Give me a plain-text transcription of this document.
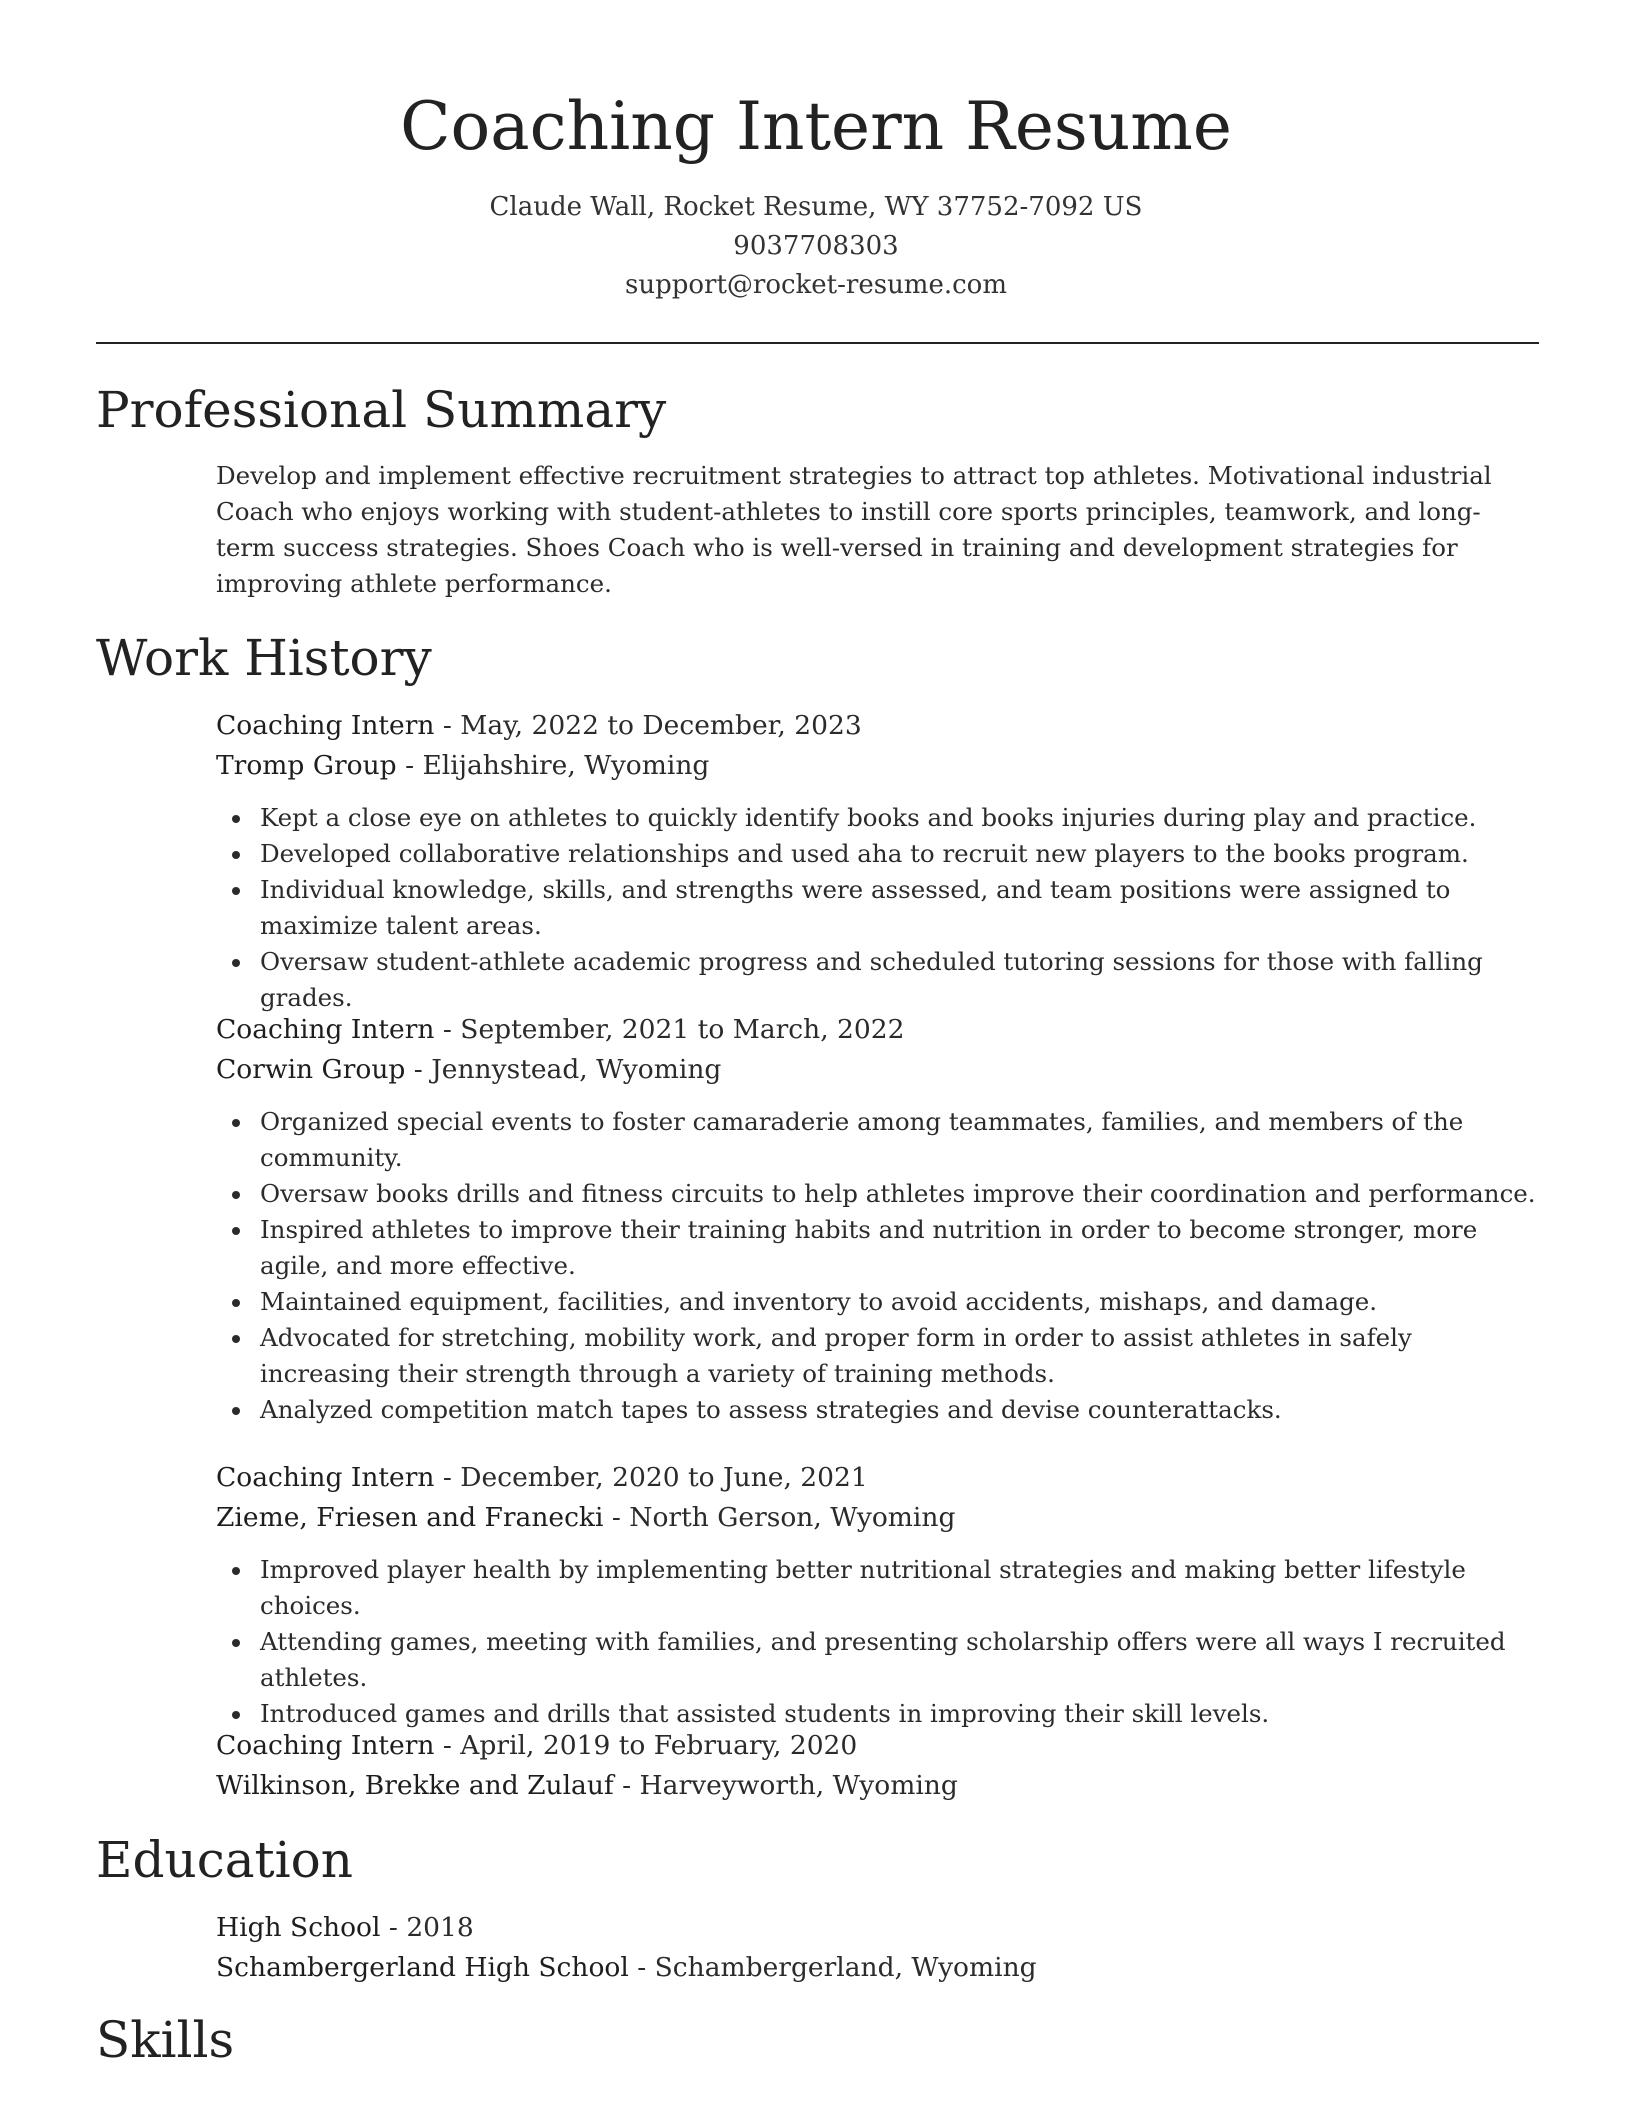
Coaching Intern Resume
Claude Wall, Rocket Resume, WY 37752-7092 US
9037708303
support@rocket-resume.com
Professional Summary
Develop and implement effective recruitment strategies to attract top athletes. Motivational industrial Coach who enjoys working with student-athletes to instill core sports principles, teamwork, and long-term success strategies. Shoes Coach who is well-versed in training and development strategies for improving athlete performance.
Work History
Coaching Intern - May, 2022 to December, 2023
Tromp Group - Elijahshire, Wyoming
Kept a close eye on athletes to quickly identify books and books injuries during play and practice.
Developed collaborative relationships and used aha to recruit new players to the books program.
Individual knowledge, skills, and strengths were assessed, and team positions were assigned to maximize talent areas.
Oversaw student-athlete academic progress and scheduled tutoring sessions for those with falling grades.
Coaching Intern - September, 2021 to March, 2022
Corwin Group - Jennystead, Wyoming
Organized special events to foster camaraderie among teammates, families, and members of the community.
Oversaw books drills and fitness circuits to help athletes improve their coordination and performance.
Inspired athletes to improve their training habits and nutrition in order to become stronger, more agile, and more effective.
Maintained equipment, facilities, and inventory to avoid accidents, mishaps, and damage.
Advocated for stretching, mobility work, and proper form in order to assist athletes in safely increasing their strength through a variety of training methods.
Analyzed competition match tapes to assess strategies and devise counterattacks.
Coaching Intern - December, 2020 to June, 2021
Zieme, Friesen and Franecki - North Gerson, Wyoming
Improved player health by implementing better nutritional strategies and making better lifestyle choices.
Attending games, meeting with families, and presenting scholarship offers were all ways I recruited athletes.
Introduced games and drills that assisted students in improving their skill levels.
Coaching Intern - April, 2019 to February, 2020
Wilkinson, Brekke and Zulauf - Harveyworth, Wyoming
Education
High School - 2018
Schambergerland High School - Schambergerland, Wyoming
Skills
